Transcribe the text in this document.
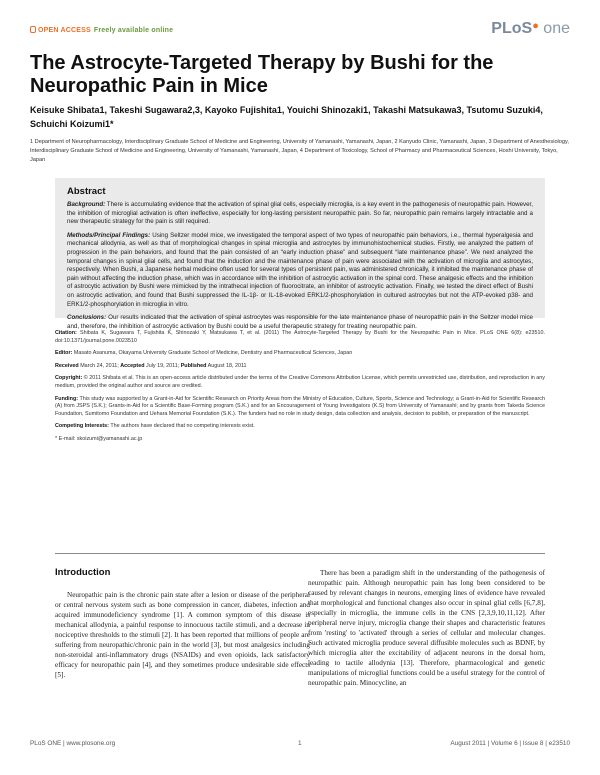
OPEN ACCESS Freely available online	PLoS● one
The Astrocyte-Targeted Therapy by Bushi for the Neuropathic Pain in Mice
Keisuke Shibata1, Takeshi Sugawara2,3, Kayoko Fujishita1, Youichi Shinozaki1, Takashi Matsukawa3, Tsutomu Suzuki4, Schuichi Koizumi1*
1 Department of Neuropharmacology, Interdisciplinary Graduate School of Medicine and Engineering, University of Yamanashi, Yamanashi, Japan, 2 Kanyudo Clinic, Yamanashi, Japan, 3 Department of Anesthesiology, Interdisciplinary Graduate School of Medicine and Engineering, University of Yamanashi, Yamanashi, Japan, 4 Department of Toxicology, School of Pharmacy and Pharmaceutical Sciences, Hoshi University, Tokyo, Japan
Abstract

Background: There is accumulating evidence that the activation of spinal glial cells, especially microglia, is a key event in the pathogenesis of neuropathic pain. However, the inhibition of microglial activation is often ineffective, especially for long-lasting persistent neuropathic pain. So far, neuropathic pain remains largely intractable and a new therapeutic strategy for the pain is still required.

Methods/Principal Findings: Using Seltzer model mice, we investigated the temporal aspect of two types of neuropathic pain behaviors, i.e., thermal hyperalgesia and mechanical allodynia, as well as that of morphological changes in spinal microglia and astrocytes by immunohistochemical studies. Firstly, we analyzed the pattern of progression in the pain behaviors, and found that the pain consisted of an “early induction phase” and subsequent “late maintenance phase”. We next analyzed the temporal changes in spinal glial cells, and found that the induction and the maintenance phase of pain were associated with the activation of microglia and astrocytes, respectively. When Bushi, a Japanese herbal medicine often used for several types of persistent pain, was administered chronically, it inhibited the maintenance phase of pain without affecting the induction phase, which was in accordance with the inhibition of astrocytic activation in the spinal cord. These analgesic effects and the inhibition of astrocytic activation by Bushi were mimicked by the intrathecal injection of fluorocitrate, an inhibitor of astrocytic activation. Finally, we tested the direct effect of Bushi on astrocytic activation, and found that Bushi suppressed the IL-1β- or IL-18-evoked ERK1/2-phosphorylation in cultured astrocytes but not the ATP-evoked p38- and ERK1/2-phosphorylation in microglia in vitro.

Conclusions: Our results indicated that the activation of spinal astrocytes was responsible for the late maintenance phase of neuropathic pain in the Seltzer model mice and, therefore, the inhibition of astrocytic activation by Bushi could be a useful therapeutic strategy for treating neuropathic pain.

Citation: Shibata K, Sugawara T, Fujishita K, Shinozaki Y, Matsukawa T, et al. (2011) The Astrocyte-Targeted Therapy by Bushi for the Neuropathic Pain in Mice. PLoS ONE 6(8): e23510. doi:10.1371/journal.pone.0023510

Editor: Masato Asanuma, Okayama University Graduate School of Medicine, Dentistry and Pharmaceutical Sciences, Japan

Received March 24, 2011; Accepted July 19, 2011; Published August 18, 2011

Copyright: © 2011 Shibata et al. This is an open-access article distributed under the terms of the Creative Commons Attribution License, which permits unrestricted use, distribution, and reproduction in any medium, provided the original author and source are credited.

Funding: This study was supported by a Grant-in-Aid for Scientific Research on Priority Areas from the Ministry of Education, Culture, Sports, Science and Technology; a Grant-in-Aid for Scientific Research (A) from JSPS (S.K.); Grants-in-Aid for a Scientific Base-Forming program (S.K.) and for an Encouragement of Young Investigators (K.S) from University of Yamanashi; and by grants from Takeda Science Foundation, Sumitomo Foundation and Uehara Memorial Foundation (S.K.). The funders had no role in study design, data collection and analysis, decision to publish, or preparation of the manuscript.

Competing Interests: The authors have declared that no competing interests exist.

* E-mail: skoizumi@yamanashi.ac.jp

Introduction

Neuropathic pain is the chronic pain state after a lesion or disease of the peripheral or central nervous system such as bone compression in cancer, diabetes, infection and acquired immunodeficiency syndrome [1]. A common symptom of this disease is mechanical allodynia, a painful response to innocuous tactile stimuli, and a decrease in nociceptive thresholds to the stimuli [2]. It has been reported that millions of people are suffering from neuropathic/chronic pain in the world [3], but most analgesics including non-steroidal anti-inflammatory drugs (NSAIDs) and even opioids, lack satisfactory efficacy for neuropathic pain [4], and they sometimes produce undesirable side effects [5].

There has been a paradigm shift in the understanding of the pathogenesis of neuropathic pain. Although neuropathic pain has long been considered to be caused by relevant changes in neurons, emerging lines of evidence have revealed that morphological and functional changes also occur in spinal glial cells [6,7,8], especially in microglia, the immune cells in the CNS [2,3,9,10,11,12]. After peripheral nerve injury, microglia change their shapes and characteristic features from 'resting' to 'activated' through a series of cellular and molecular changes. Such activated microglia produce several diffusible molecules such as BDNF, by which microglia alter the excitability of adjacent neurons in the dorsal horn, leading to tactile allodynia [13]. Therefore, pharmacological and genetic manipulations of microglial functions could be a useful strategy for the control of neuropathic pain. Minocycline, an

PLoS ONE | www.plosone.org	1	August 2011 | Volume 6 | Issue 8 | e23510
